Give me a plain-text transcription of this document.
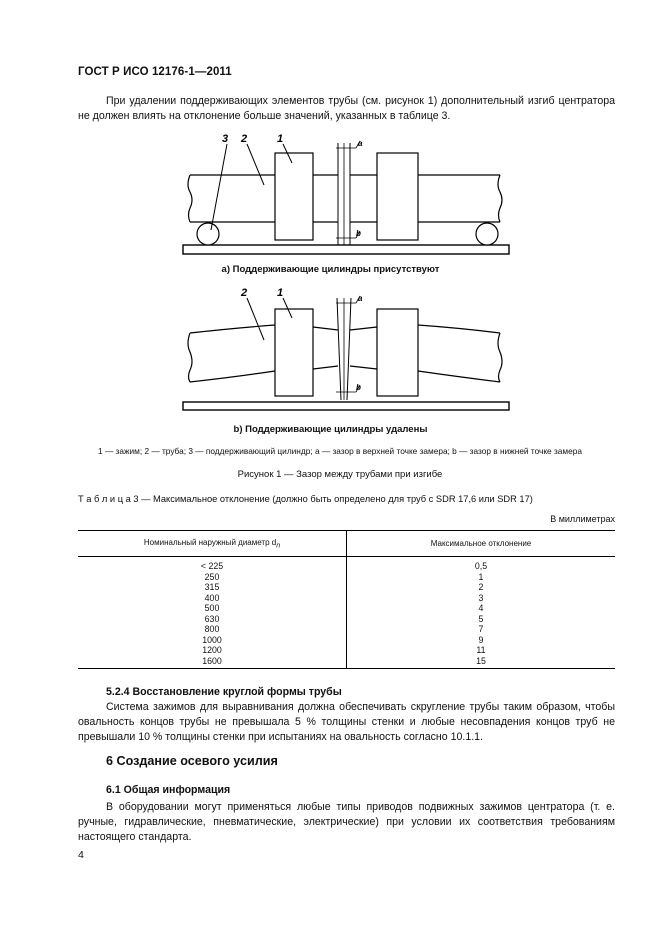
ГОСТ Р ИСО 12176-1—2011
При удалении поддерживающих элементов трубы (см. рисунок 1) дополнительный изгиб центратора не должен влиять на отклонение больше значений, указанных в таблице 3.
3 2	1	a
b
2	1	a
b
a) Поддерживающие цилиндры присутствуют
b) Поддерживающие цилиндры удалены
1 — зажим; 2 — труба; 3 — поддерживающий цилиндр; a — зазор в верхней точке замера; b — зазор в нижней точке замера
Рисунок 1 — Зазор между трубами при изгибе
Т а б л и ц а 3 — Максимальное отклонение (должно быть определено для труб с SDR 17,6 или SDR 17)
В миллиметрах
Номинальный наружный диаметр $d_n$	Максимальное отклонение
< 225	0,5
250	1
315	2
400	3
500	4
630	5
800	7
1000	9
1200	11
1600	15
5.2.4 Восстановление круглой формы трубы
Система зажимов для выравнивания должна обеспечивать скругление трубы таким образом, чтобы овальность концов трубы не превышала 5 % толщины стенки и любые несовпадения концов труб не превышали 10 % толщины стенки при испытаниях на овальность согласно 10.1.1.
6 Создание осевого усилия
6.1 Общая информация
В оборудовании могут применяться любые типы приводов подвижных зажимов центратора (т. е. ручные, гидравлические, пневматические, электрические) при условии их соответствия требованиям настоящего стандарта.
4
